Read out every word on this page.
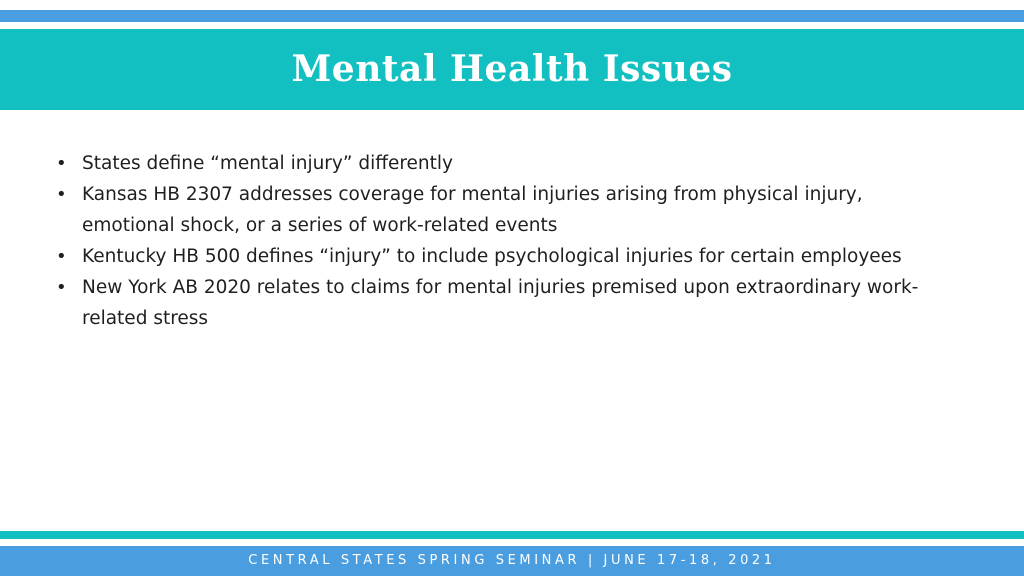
Mental Health Issues
• States define “mental injury” differently
• Kansas HB 2307 addresses coverage for mental injuries arising from physical injury, emotional shock, or a series of work-related events
• Kentucky HB 500 defines “injury” to include psychological injuries for certain employees
• New York AB 2020 relates to claims for mental injuries premised upon extraordinary work-related stress
CENTRAL STATES SPRING SEMINAR | JUNE 17-18, 2021
